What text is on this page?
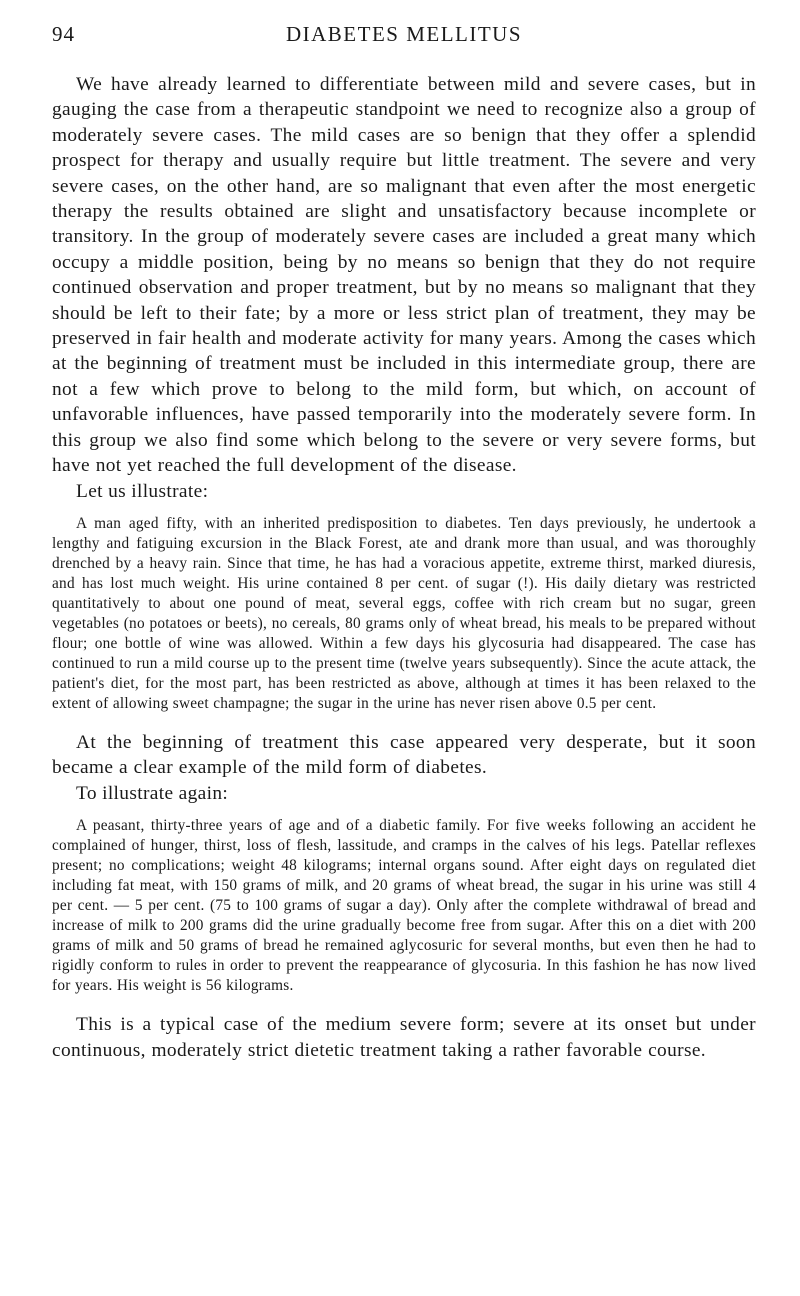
94	DIABETES MELLITUS

We have already learned to differentiate between mild and severe cases, but in gauging the case from a therapeutic standpoint we need to recognize also a group of moderately severe cases. The mild cases are so benign that they offer a splendid prospect for therapy and usually require but little treatment. The severe and very severe cases, on the other hand, are so malignant that even after the most energetic therapy the results obtained are slight and unsatisfactory because incomplete or transitory. In the group of moderately severe cases are included a great many which occupy a middle position, being by no means so benign that they do not require continued observation and proper treatment, but by no means so malignant that they should be left to their fate; by a more or less strict plan of treatment, they may be preserved in fair health and moderate activity for many years. Among the cases which at the beginning of treatment must be included in this intermediate group, there are not a few which prove to belong to the mild form, but which, on account of unfavorable influences, have passed temporarily into the moderately severe form. In this group we also find some which belong to the severe or very severe forms, but have not yet reached the full development of the disease.

Let us illustrate:

A man aged fifty, with an inherited predisposition to diabetes. Ten days previously, he undertook a lengthy and fatiguing excursion in the Black Forest, ate and drank more than usual, and was thoroughly drenched by a heavy rain. Since that time, he has had a voracious appetite, extreme thirst, marked diuresis, and has lost much weight. His urine contained 8 per cent. of sugar (!). His daily dietary was restricted quantitatively to about one pound of meat, several eggs, coffee with rich cream but no sugar, green vegetables (no potatoes or beets), no cereals, 80 grams only of wheat bread, his meals to be prepared without flour; one bottle of wine was allowed. Within a few days his glycosuria had disappeared. The case has continued to run a mild course up to the present time (twelve years subsequently). Since the acute attack, the patient's diet, for the most part, has been restricted as above, although at times it has been relaxed to the extent of allowing sweet champagne; the sugar in the urine has never risen above 0.5 per cent.

At the beginning of treatment this case appeared very desperate, but it soon became a clear example of the mild form of diabetes.

To illustrate again:

A peasant, thirty-three years of age and of a diabetic family. For five weeks following an accident he complained of hunger, thirst, loss of flesh, lassitude, and cramps in the calves of his legs. Patellar reflexes present; no complications; weight 48 kilograms; internal organs sound. After eight days on regulated diet including fat meat, with 150 grams of milk, and 20 grams of wheat bread, the sugar in his urine was still 4 per cent. — 5 per cent. (75 to 100 grams of sugar a day). Only after the complete withdrawal of bread and increase of milk to 200 grams did the urine gradually become free from sugar. After this on a diet with 200 grams of milk and 50 grams of bread he remained aglycosuric for several months, but even then he had to rigidly conform to rules in order to prevent the reappearance of glycosuria. In this fashion he has now lived for years. His weight is 56 kilograms.

This is a typical case of the medium severe form; severe at its onset but under continuous, moderately strict dietetic treatment taking a rather favorable course.
